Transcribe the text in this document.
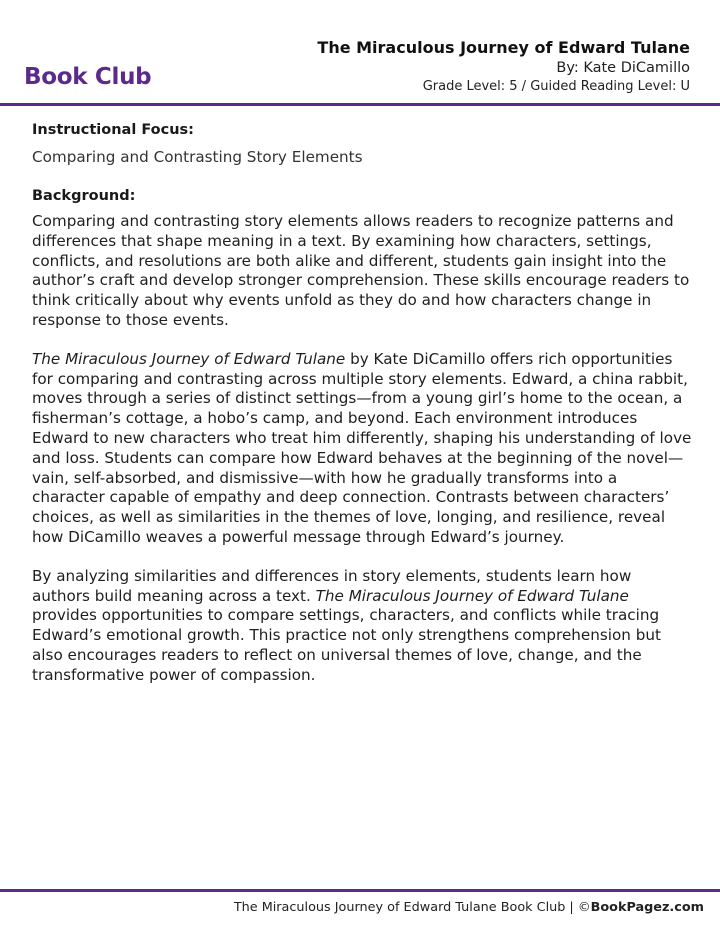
Book Club
The Miraculous Journey of Edward Tulane
By: Kate DiCamillo
Grade Level: 5 / Guided Reading Level: U

Instructional Focus:

Comparing and Contrasting Story Elements

Background:

Comparing and contrasting story elements allows readers to recognize patterns and differences that shape meaning in a text. By examining how characters, settings, conflicts, and resolutions are both alike and different, students gain insight into the author’s craft and develop stronger comprehension. These skills encourage readers to think critically about why events unfold as they do and how characters change in response to those events.

The Miraculous Journey of Edward Tulane by Kate DiCamillo offers rich opportunities for comparing and contrasting across multiple story elements. Edward, a china rabbit, moves through a series of distinct settings—from a young girl’s home to the ocean, a fisherman’s cottage, a hobo’s camp, and beyond. Each environment introduces Edward to new characters who treat him differently, shaping his understanding of love and loss. Students can compare how Edward behaves at the beginning of the novel—vain, self-absorbed, and dismissive—with how he gradually transforms into a character capable of empathy and deep connection. Contrasts between characters’ choices, as well as similarities in the themes of love, longing, and resilience, reveal how DiCamillo weaves a powerful message through Edward’s journey.

By analyzing similarities and differences in story elements, students learn how authors build meaning across a text. The Miraculous Journey of Edward Tulane provides opportunities to compare settings, characters, and conflicts while tracing Edward’s emotional growth. This practice not only strengthens comprehension but also encourages readers to reflect on universal themes of love, change, and the transformative power of compassion.

The Miraculous Journey of Edward Tulane Book Club | ©BookPagez.com
